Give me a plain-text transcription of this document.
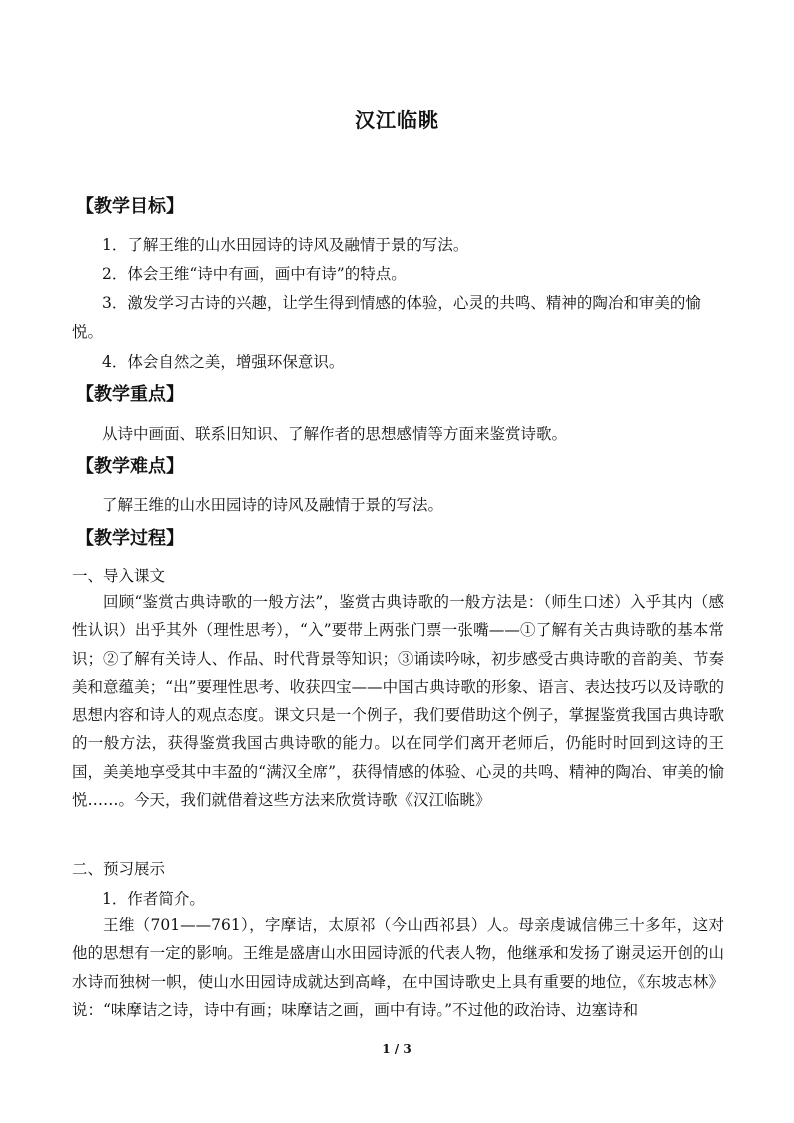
汉江临眺
【教学目标】
1．了解王维的山水田园诗的诗风及融情于景的写法。
2．体会王维“诗中有画，画中有诗”的特点。
3．激发学习古诗的兴趣，让学生得到情感的体验，心灵的共鸣、精神的陶冶和审美的愉
悦。
4．体会自然之美，增强环保意识。
【教学重点】
从诗中画面、联系旧知识、了解作者的思想感情等方面来鉴赏诗歌。
【教学难点】
了解王维的山水田园诗的诗风及融情于景的写法。
【教学过程】
一、导入课文
回顾“鉴赏古典诗歌的一般方法”，鉴赏古典诗歌的一般方法是：（师生口述）入乎其内（感性认识）出乎其外（理性思考），“入”要带上两张门票一张嘴——①了解有关古典诗歌的基本常识；②了解有关诗人、作品、时代背景等知识；③诵读吟咏，初步感受古典诗歌的音韵美、节奏美和意蕴美；“出”要理性思考、收获四宝——中国古典诗歌的形象、语言、表达技巧以及诗歌的思想内容和诗人的观点态度。课文只是一个例子，我们要借助这个例子，掌握鉴赏我国古典诗歌的一般方法，获得鉴赏我国古典诗歌的能力。以在同学们离开老师后，仍能时时回到这诗的王国，美美地享受其中丰盈的“满汉全席”，获得情感的体验、心灵的共鸣、精神的陶冶、审美的愉悦……。今天，我们就借着这些方法来欣赏诗歌《汉江临眺》
二、预习展示
1．作者简介。
王维（701——761），字摩诘，太原祁（今山西祁县）人。母亲虔诚信佛三十多年，这对他的思想有一定的影响。王维是盛唐山水田园诗派的代表人物，他继承和发扬了谢灵运开创的山水诗而独树一帜，使山水田园诗成就达到高峰，在中国诗歌史上具有重要的地位，《东坡志林》说：“味摩诘之诗，诗中有画；味摩诘之画，画中有诗。”不过他的政治诗、边塞诗和
1 / 3
